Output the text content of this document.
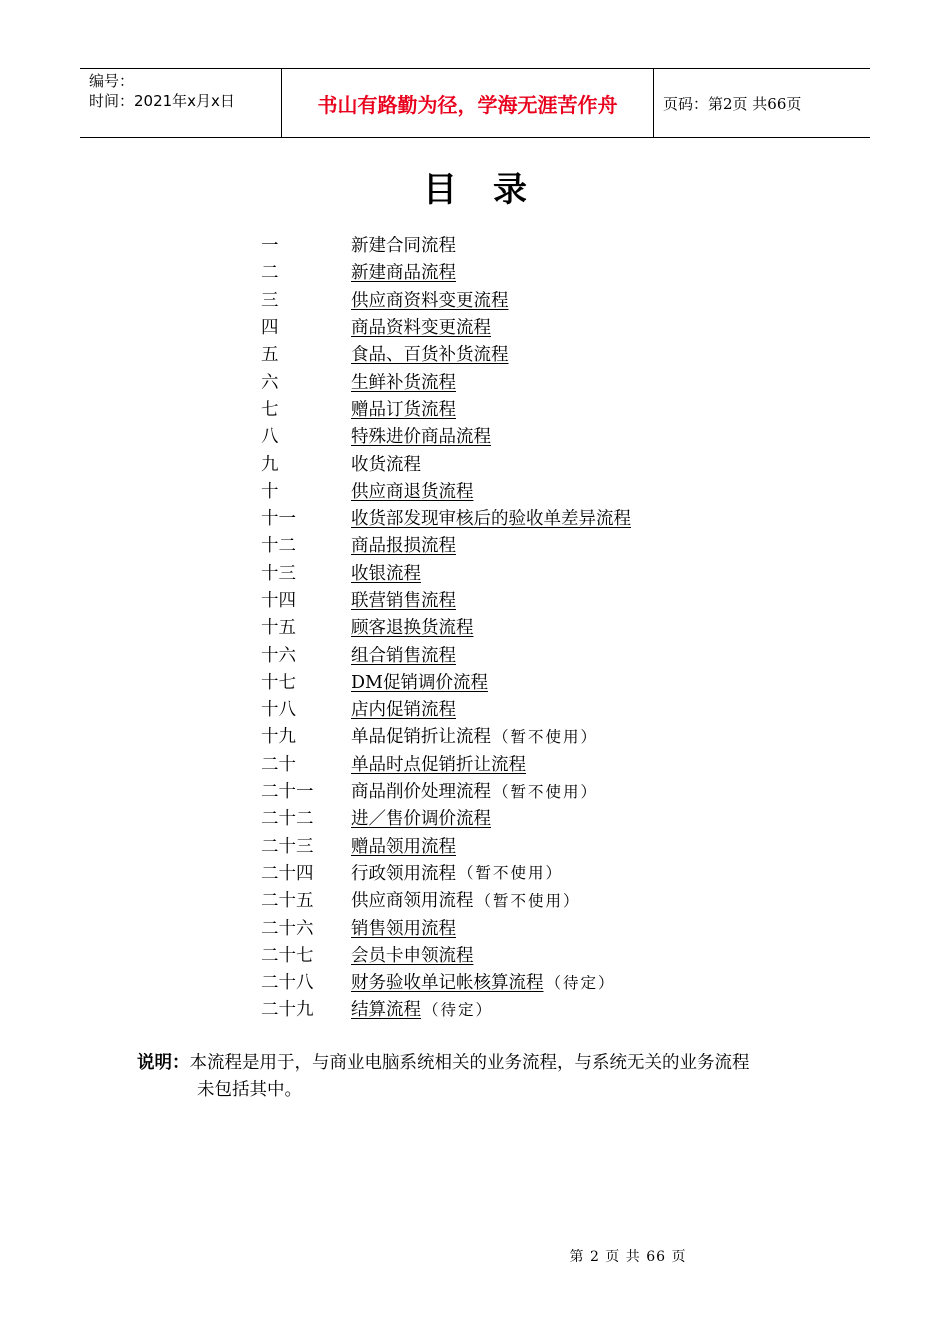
编号：
时间：2021年x月x日	书山有路勤为径，学海无涯苦作舟	页码：第2页 共66页
目录
一	新建合同流程
二	新建商品流程
三	供应商资料变更流程
四	商品资料变更流程
五	食品、百货补货流程
六	生鲜补货流程
七	赠品订货流程
八	特殊进价商品流程
九	收货流程
十	供应商退货流程
十一	收货部发现审核后的验收单差异流程
十二	商品报损流程
十三	收银流程
十四	联营销售流程
十五	顾客退换货流程
十六	组合销售流程
十七	DM促销调价流程
十八	店内促销流程
十九	单品促销折让流程 （暂不使用）
二十	单品时点促销折让流程
二十一	商品削价处理流程 （暂不使用）
二十二	进／售价调价流程
二十三	赠品领用流程
二十四	行政领用流程 （暂不使用）
二十五	供应商领用流程 （暂不使用）
二十六	销售领用流程
二十七	会员卡申领流程
二十八	财务验收单记帐核算流程 （待定）
二十九	结算流程 （待定）
说明：本流程是用于，与商业电脑系统相关的业务流程，与系统无关的业务流程
未包括其中。
第 2 页 共 66 页
